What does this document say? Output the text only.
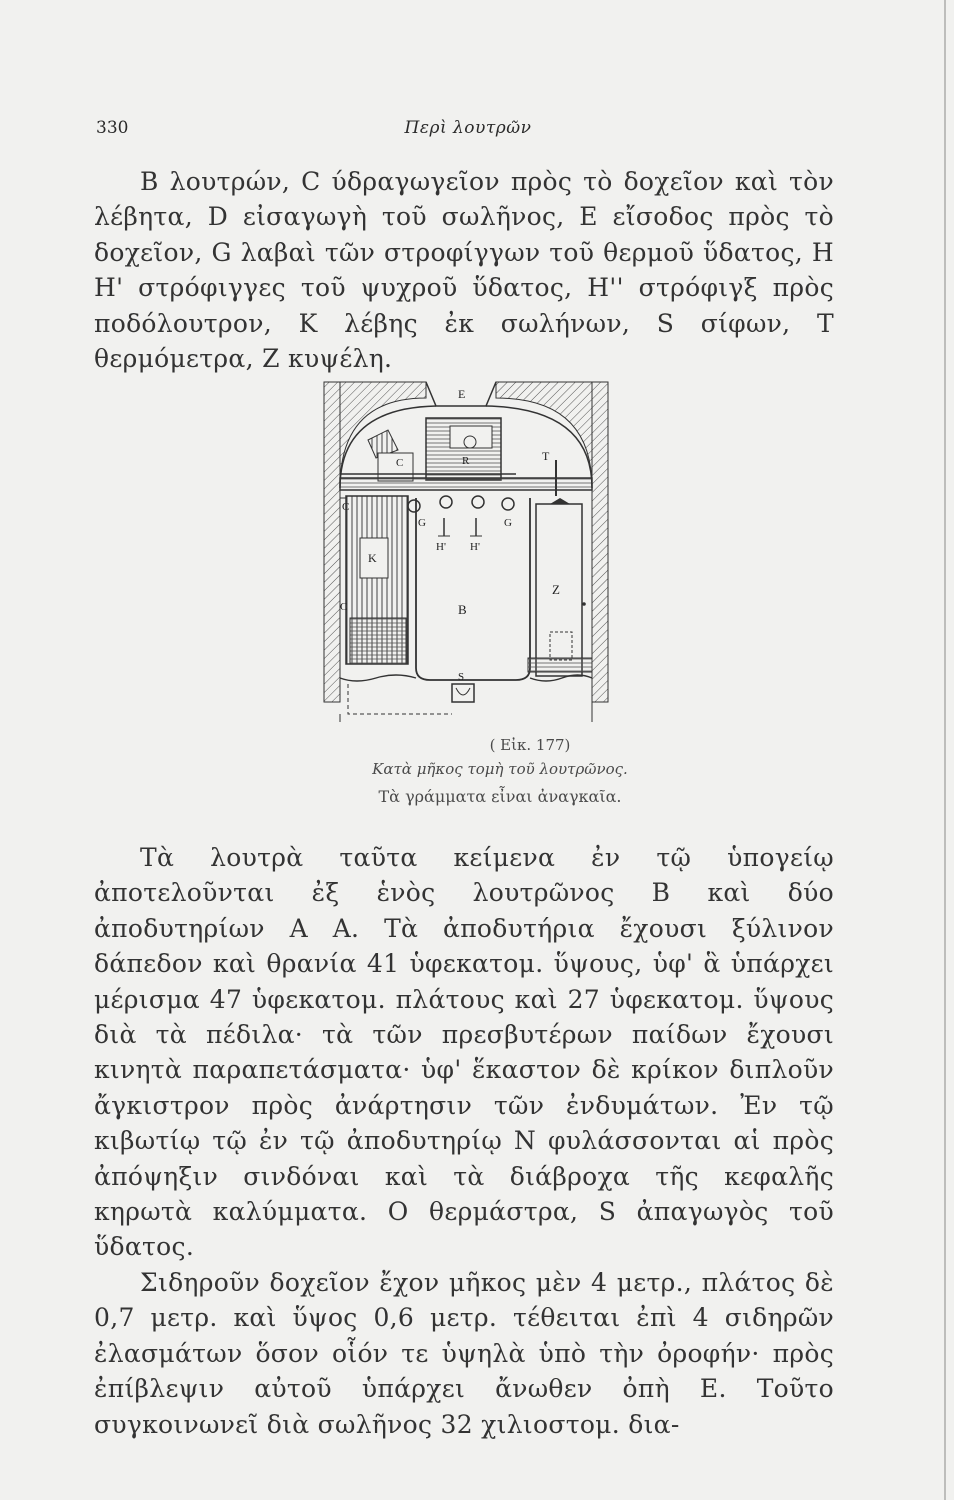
330	Περὶ λουτρῶν
B λουτρών, C ύδραγωγεῖον πρὸς τὸ δοχεῖον καὶ τὸν λέβητα, D εἰσαγωγὴ τοῦ σωλῆνος, E εἴσοδος πρὸς τὸ δοχεῖον, G λαβαὶ τῶν στροφίγγων τοῦ θερμοῦ ὕδατος, H H' στρόφιγγες τοῦ ψυχροῦ ὕδατος, H'' στρόφιγξ πρὸς ποδόλουτρον, K λέβης ἐκ σωλήνων, S σίφων, T θερμόμετρα, Z κυψέλη.
E
C	R	T
C
G	G
H' H'
K
Z
B
C
S
( Εἰκ. 177)
Κατὰ μῆκος τομὴ τοῦ λουτρῶνος.
Τὰ γράμματα εἶναι ἀναγκαῖα.
Τὰ λουτρὰ ταῦτα κείμενα ἐν τῷ ὑπογείῳ ἀποτελοῦνται ἐξ ἑνὸς λουτρῶνος B καὶ δύο ἀποδυτηρίων A A. Τὰ ἀποδυτήρια ἔχουσι ξύλινον δάπεδον καὶ θρανία 41 ὑφεκατομ. ὕψους, ὑφ' ἃ ὑπάρχει μέρισμα 47 ὑφεκατομ. πλάτους καὶ 27 ὑφεκατομ. ὕψους διὰ τὰ πέδιλα· τὰ τῶν πρεσβυτέρων παίδων ἔχουσι κινητὰ παραπετάσματα· ὑφ' ἕκαστον δὲ κρίκον διπλοῦν ἄγκιστρον πρὸς ἀνάρτησιν τῶν ἐνδυμάτων. Ἐν τῷ κιβωτίῳ τῷ ἐν τῷ ἀποδυτηρίῳ N φυλάσσονται αἱ πρὸς ἀπόψηξιν σινδόναι καὶ τὰ διάβροχα τῆς κεφαλῆς κηρωτὰ καλύμματα. O θερμάστρα, S ἀπαγωγὸς τοῦ ὕδατος.
Σιδηροῦν δοχεῖον ἔχον μῆκος μὲν 4 μετρ., πλάτος δὲ 0,7 μετρ. καὶ ὕψος 0,6 μετρ. τέθειται ἐπὶ 4 σιδηρῶν ἐλασμάτων ὅσον οἷόν τε ὑψηλὰ ὑπὸ τὴν ὀροφήν· πρὸς ἐπίβλεψιν αὐτοῦ ὑπάρχει ἄνωθεν ὀπὴ E. Τοῦτο συγκοινωνεῖ διὰ σωλῆνος 32 χιλιοστομ. δια-
